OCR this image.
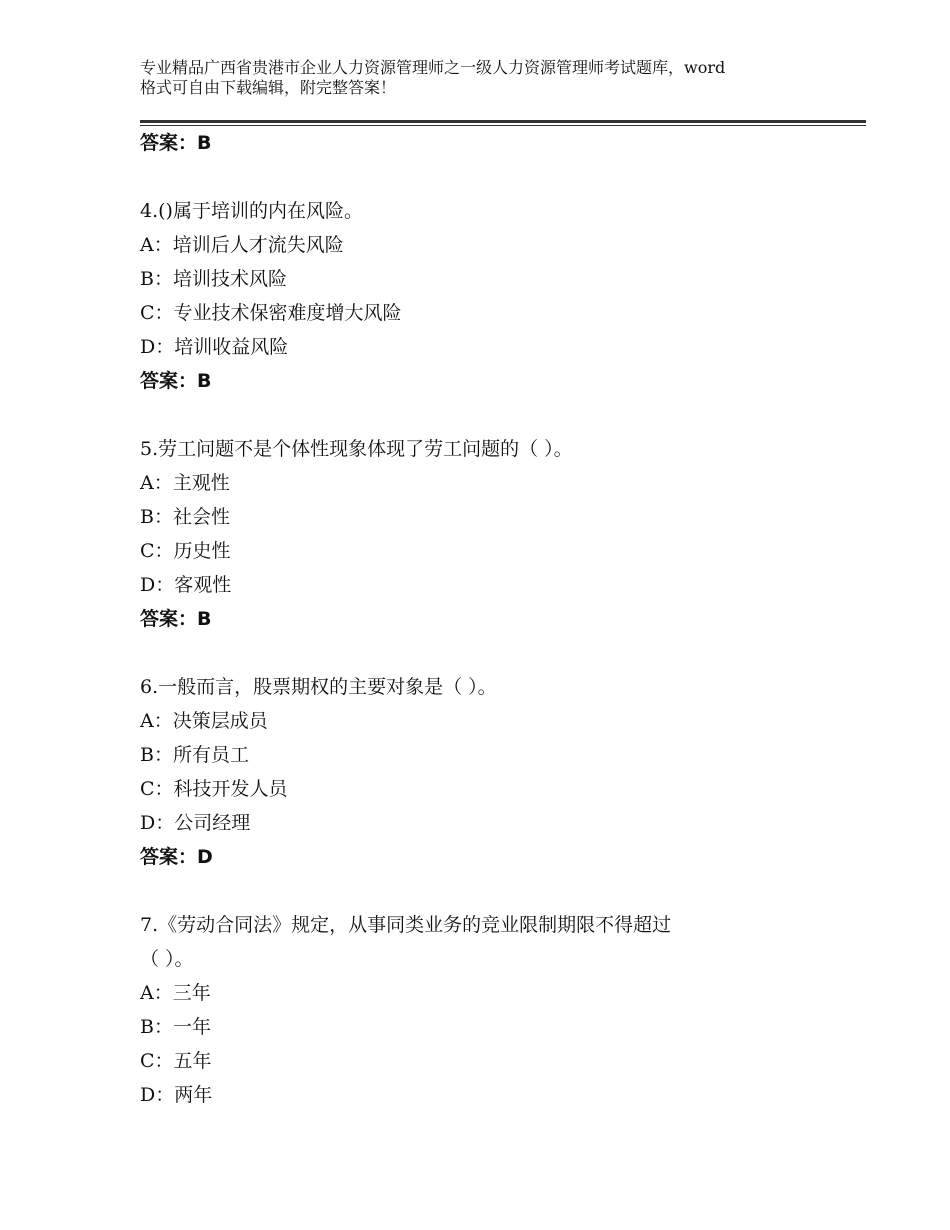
专业精品广西省贵港市企业人力资源管理师之一级人力资源管理师考试题库，word
格式可自由下载编辑，附完整答案！
答案：B
4.()属于培训的内在风险。
A：培训后人才流失风险
B：培训技术风险
C：专业技术保密难度增大风险
D：培训收益风险
答案：B
5.劳工问题不是个体性现象体现了劳工问题的（ ）。
A：主观性
B：社会性
C：历史性
D：客观性
答案：B
6.一般而言，股票期权的主要对象是（ ）。
A：决策层成员
B：所有员工
C：科技开发人员
D：公司经理
答案：D
7.《劳动合同法》规定，从事同类业务的竞业限制期限不得超过
（ ）。
A：三年
B：一年
C：五年
D：两年
